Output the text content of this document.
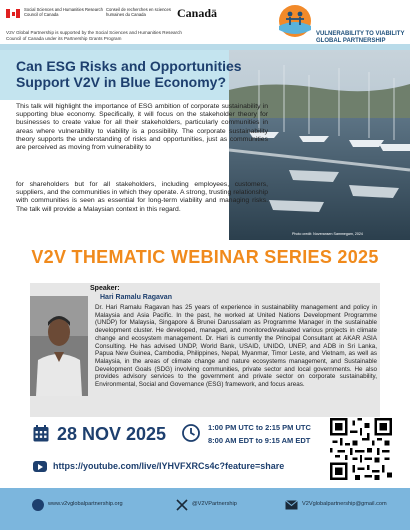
Social Sciences and Humanities Research Council of Canada
Conseil de recherches en sciences humaines du Canada	Canadä
V2V Global Partnership is supported by the Social Sciences and Humanities Research Council of Canada under its Partnership Grants Program
VULNERABILITY TO VIABILITY GLOBAL PARTNERSHIP
Photo credit: Noveransen Sammegam, 2024
Can ESG Risks and Opportunities Support V2V in Blue Economy?
This talk will highlight the importance of ESG ambition of corporate sustainability in supporting blue economy. Specifically, it will focus on the stakeholder theory for businesses to create value for all their stakeholders, particularly communities in areas where vulnerability to viability is a possibility. The corporate sustainability theory supports the understanding of risks and opportunities, just as communities are perceived as moving from vulnerability to
for shareholders but for all stakeholders, including employees, customers, suppliers, and the communities in which they operate. A strong, trusting relationship with communities is seen as essential for long-term viability and managing risks. The talk will provide a Malaysian context in this regard.
V2V THEMATIC WEBINAR SERIES 2025
Speaker:
Hari Ramalu Ragavan
Dr. Hari Ramalu Ragavan has 25 years of experience in sustainability management and policy in Malaysia and Asia Pacific. In the past, he worked at United Nations Development Programme (UNDP) for Malaysia, Singapore & Brunei Darussalam as Programme Manager in the sustainable development cluster. He developed, managed, and monitored/evaluated various projects in climate change and ecosystem management. Dr. Hari is currently the Principal Consultant at AKAR ASIA Consulting. He has advised UNDP, World Bank, USAID, UNIDO, UNEP, and ADB in Sri Lanka, Papua New Guinea, Cambodia, Philippines, Nepal, Myanmar, Timor Leste, and Vietnam, as well as Malaysia, in the areas of climate change and nature ecosystems management, and Sustainable Development Goals (SDG) involving communities, private sector and local governments. He also provides advisory services to the government and private sector on corporate sustainability, Environmental, Social and Governance (ESG) framework, and focus areas.
28 NOV 2025	1:00 PM UTC to 2:15 PM UTC
8:00 AM EDT to 9:15 AM EDT
https://youtube.com/live/IYHVFXRCs4c?feature=share
www.v2vglobalpartnership.org	@V2VPartnership	V2Vglobalpartnership@gmail.com
